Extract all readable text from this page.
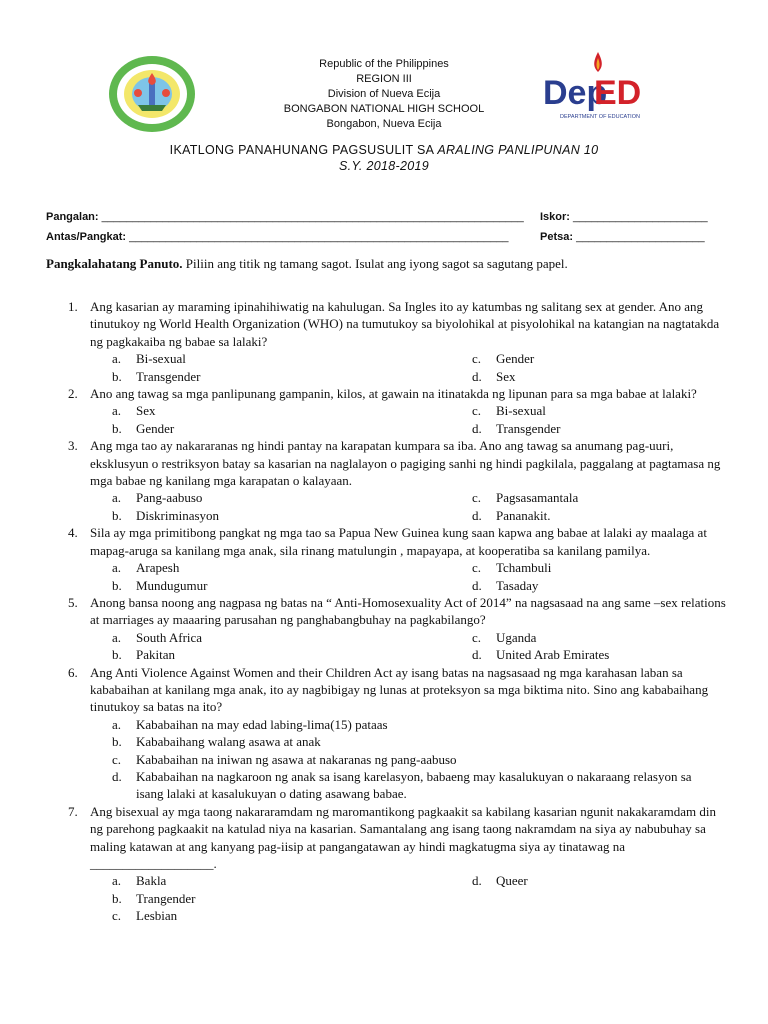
Republic of the Philippines
REGION III
Division of Nueva Ecija
BONGABON NATIONAL HIGH SCHOOL
Bongabon, Nueva Ecija
Dep
ED
DEPARTMENT OF EDUCATION
IKATLONG PANAHUNANG PAGSUSULIT SA ARALING PANLIPUNAN 10
S.Y. 2018-2019
Pangalan: _____________________________________________________________________ Iskor: ______________________
Antas/Pangkat: ______________________________________________________________	Petsa: _____________________
Pangkalahatang Panuto. Piliin ang titik ng tamang sagot. Isulat ang iyong sagot sa sagutang papel.
1. Ang kasarian ay maraming ipinahihiwatig na kahulugan. Sa Ingles ito ay katumbas ng salitang sex at gender. Ano ang tinutukoy ng World Health Organization (WHO) na tumutukoy sa biyolohikal at pisyolohikal na katangian na nagtatakda ng pagkakaiba ng babae sa lalaki?
a. Bi-sexual	c. Gender
b. Transgender	d. Sex
2. Ano ang tawag sa mga panlipunang gampanin, kilos, at gawain na itinatakda ng lipunan para sa mga babae at lalaki?
a. Sex	c. Bi-sexual
b. Gender	d. Transgender
3. Ang mga tao ay nakararanas ng hindi pantay na karapatan kumpara sa iba. Ano ang tawag sa anumang pag-uuri, eksklusyun o restriksyon batay sa kasarian na naglalayon o pagiging sanhi ng hindi pagkilala, paggalang at pagtamasa ng mga babae ng kanilang mga karapatan o kalayaan.
a. Pang-aabuso	c. Pagsasamantala
b. Diskriminasyon	d. Pananakit.
4. Sila ay mga primitibong pangkat ng mga tao sa Papua New Guinea kung saan kapwa ang babae at lalaki ay maalaga at mapag-aruga sa kanilang mga anak, sila rinang matulungin , mapayapa, at kooperatiba sa kanilang pamilya.
a. Arapesh	c. Tchambuli
b. Mundugumur	d. Tasaday
5. Anong bansa noong ang nagpasa ng batas na “ Anti-Homosexuality Act of 2014” na nagsasaad na ang same –sex relations at marriages ay maaaring parusahan ng panghabangbuhay na pagkabilango?
a. South Africa	c. Uganda
b. Pakitan	d. United Arab Emirates
6. Ang Anti Violence Against Women and their Children Act ay isang batas na nagsasaad ng mga karahasan laban sa kababaihan at kanilang mga anak, ito ay nagbibigay ng lunas at proteksyon sa mga biktima nito. Sino ang kababaihang tinutukoy sa batas na ito?
a. Kababaihan na may edad labing-lima(15) pataas
b. Kababaihang walang asawa at anak
c. Kababaihan na iniwan ng asawa at nakaranas ng pang-aabuso
d. Kababaihan na nagkaroon ng anak sa isang karelasyon, babaeng may kasalukuyan o nakaraang relasyon sa isang lalaki at kasalukuyan o dating asawang babae.
7. Ang bisexual ay mga taong nakararamdam ng maromantikong pagkaakit sa kabilang kasarian ngunit nakakaramdam din ng parehong pagkaakit na katulad niya na kasarian. Samantalang ang isang taong nakramdam na siya ay nabubuhay sa maling katawan at ang kanyang pag-iisip at pangangatawan ay hindi magkatugma siya ay tinatawag na ___________________.
a. Bakla	d. Queer
b. Trangender
c. Lesbian
